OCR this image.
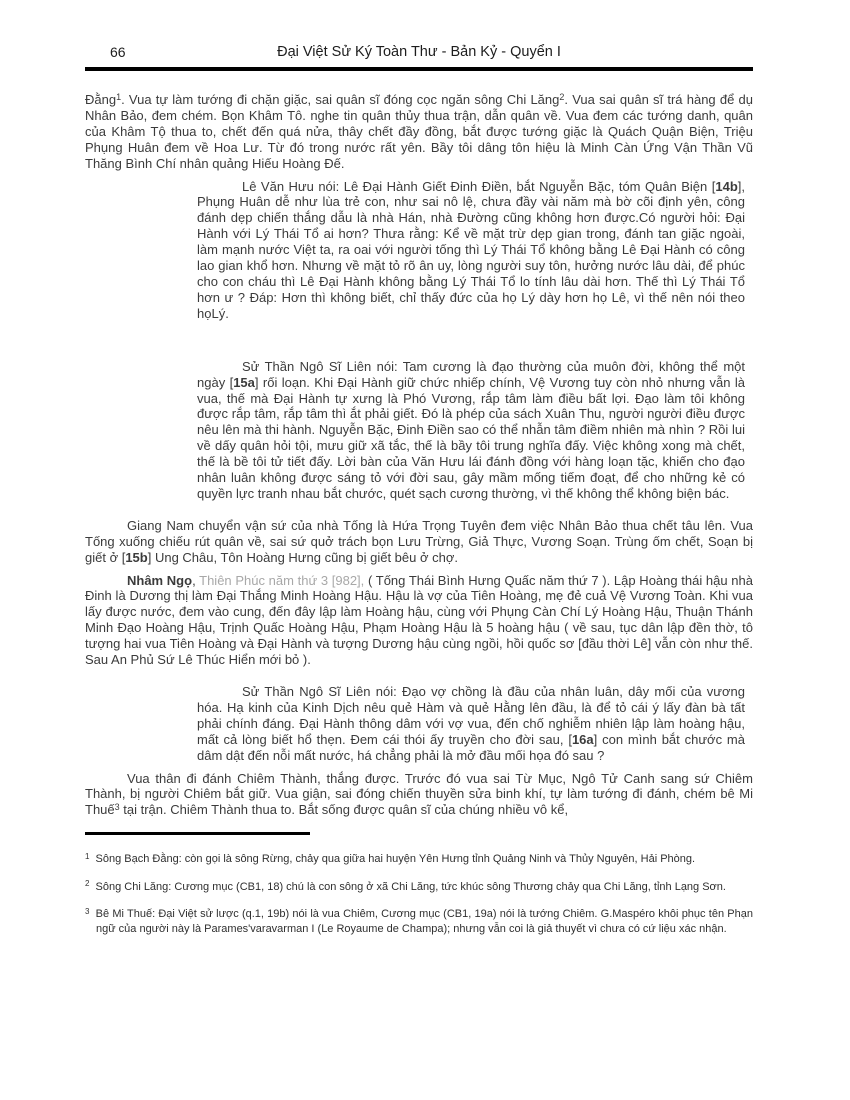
66	Đại Việt Sử Ký Toàn Thư - Bản Kỷ - Quyển I

Đằng$^1$. Vua tự làm tướng đi chặn giặc, sai quân sĩ đóng cọc ngăn sông Chi Lăng$^2$. Vua sai quân sĩ trá hàng để dụ Nhân Bảo, đem chém. Bọn Khâm Tô. nghe tin quân thủy thua trận, dẫn quân về. Vua đem các tướng danh, quân của Khâm Tộ thua to, chết đến quá nửa, thây chết đầy đồng, bắt được tướng giặc là Quách Quận Biện, Triệu Phụng Huân đem về Hoa Lư. Từ đó trong nước rất yên. Bầy tôi dâng tôn hiệu là Minh Càn Ứng Vận Thần Vũ Thăng Bình Chí nhân quảng Hiếu Hoàng Đế.

Lê Văn Hưu nói: Lê Đại Hành Giết Đinh Điền, bắt Nguyễn Bặc, tóm Quân Biện [14b], Phụng Huân dễ như lùa trẻ con, như sai nô lệ, chưa đầy vài năm mà bờ cõi định yên, công đánh dẹp chiến thắng dẫu là nhà Hán, nhà Đường cũng không hơn được.Có người hỏi: Đại Hành với Lý Thái Tổ ai hơn? Thưa rằng: Kể về mặt trừ dẹp gian trong, đánh tan giặc ngoài, làm mạnh nước Việt ta, ra oai với người tống thì Lý Thái Tổ không bằng Lê Đại Hành có công lao gian khổ hơn. Nhưng về mặt tỏ rõ ân uy, lòng người suy tôn, hưởng nước lâu dài, để phúc cho con cháu thì Lê Đại Hành không bằng Lý Thái Tổ lo tính lâu dài hơn. Thế thì Lý Thái Tổ hơn ư ? Đáp: Hơn thì không biết, chỉ thấy đức của họ Lý dày hơn họ Lê, vì thế nên nói theo họLý.

Sử Thần Ngô Sĩ Liên nói: Tam cương là đạo thường của muôn đời, không thể một ngày [15a] rối loạn. Khi Đại Hành giữ chức nhiếp chính, Vệ Vương tuy còn nhỏ nhưng vẫn là vua, thế mà Đại Hành tự xưng là Phó Vương, rắp tâm làm điều bất lợi. Đạo làm tôi không được rắp tâm, rắp tâm thì ắt phải giết. Đó là phép của sách Xuân Thu, người người điều được nêu lên mà thi hành. Nguyễn Bặc, Đinh Điền sao có thể nhẫn tâm điềm nhiên mà nhìn ? Rồi lui về dấy quân hỏi tội, mưu giữ xã tắc, thế là bầy tôi trung nghĩa đấy. Việc không xong mà chết, thế là bề tôi tử tiết đấy. Lời bàn của Văn Hưu lái đánh đồng với hàng loạn tặc, khiến cho đạo nhân luân không được sáng tỏ với đời sau, gây mầm mống tiếm đoạt, để cho những kẻ có quyền lực tranh nhau bắt chước, quét sạch cương thường, vì thế không thể không biện bác.

Giang Nam chuyển vận sứ của nhà Tống là Hứa Trọng Tuyên đem việc Nhân Bảo thua chết tâu lên. Vua Tống xuống chiếu rút quân về, sai sứ quở trách bọn Lưu Trừng, Giả Thực, Vương Soạn. Trùng ốm chết, Soạn bị giết ở [15b] Ung Châu, Tôn Hoàng Hưng cũng bị giết bêu ở chợ.

Nhâm Ngọ, Thiên Phúc năm thứ 3 [982], ( Tống Thái Bình Hưng Quấc năm thứ 7 ). Lập Hoàng thái hậu nhà Đinh là Dương thị làm Đại Thắng Minh Hoàng Hậu. Hậu là vợ của Tiên Hoàng, mẹ đẻ cuả Vệ Vương Toàn. Khi vua lấy được nước, đem vào cung, đến đây lập làm Hoàng hậu, cùng với Phụng Càn Chí Lý Hoàng Hậu, Thuận Thánh Minh Đạo Hoàng Hậu, Trịnh Quấc Hoàng Hậu, Phạm Hoàng Hậu là 5 hoàng hậu ( về sau, tục dân lập đền thờ, tô tượng hai vua Tiên Hoàng và Đại Hành và tượng Dương hậu cùng ngồi, hồi quốc sơ [đầu thời Lê] vẫn còn như thế. Sau An Phủ Sứ Lê Thúc Hiển mới bỏ ).

Sử Thần Ngô Sĩ Liên nói: Đạo vợ chồng là đầu của nhân luân, dây mối của vương hóa. Hạ kinh của Kinh Dịch nêu quẻ Hàm và quẻ Hằng lên đầu, là để tỏ cái ý lấy đàn bà tất phải chính đáng. Đại Hành thông dâm với vợ vua, đến chố nghiễm nhiên lập làm hoàng hậu, mất cả lòng biết hổ thẹn. Đem cái thói ấy truyền cho đời sau, [16a] con mình bắt chước mà dâm dật đến nỗi mất nước, há chẳng phải là mở đầu mối họa đó sau ?

Vua thân đi đánh Chiêm Thành, thắng được. Trước đó vua sai Từ Mục, Ngô Tử Canh sang sứ Chiêm Thành, bị người Chiêm bắt giữ. Vua giận, sai đóng chiến thuyền sửa binh khí, tự làm tướng đi đánh, chém bê Mi Thuế$^3$ tại trận. Chiêm Thành thua to. Bắt sống được quân sĩ của chúng nhiều vô kể,

$^1$ Sông Bạch Đằng: còn gọi là sông Rừng, chảy qua giữa hai huyện Yên Hưng tỉnh Quảng Ninh và Thủy Nguyên, Hải Phòng.

$^2$ Sông Chi Lăng: Cương mục (CB1, 18) chú là con sông ở xã Chi Lăng, tức khúc sông Thương chảy qua Chi Lăng, tỉnh Lạng Sơn.

$^3$ Bê Mi Thuế: Đại Việt sử lược (q.1, 19b) nói là vua Chiêm, Cương mục (CB1, 19a) nói là tướng Chiêm. G.Maspéro khôi phục tên Phạn ngữ của người này là Parames'varavarman I (Le Royaume de Champa); nhưng vẫn coi là giả thuyết vì chưa có cứ liệu xác nhận.
